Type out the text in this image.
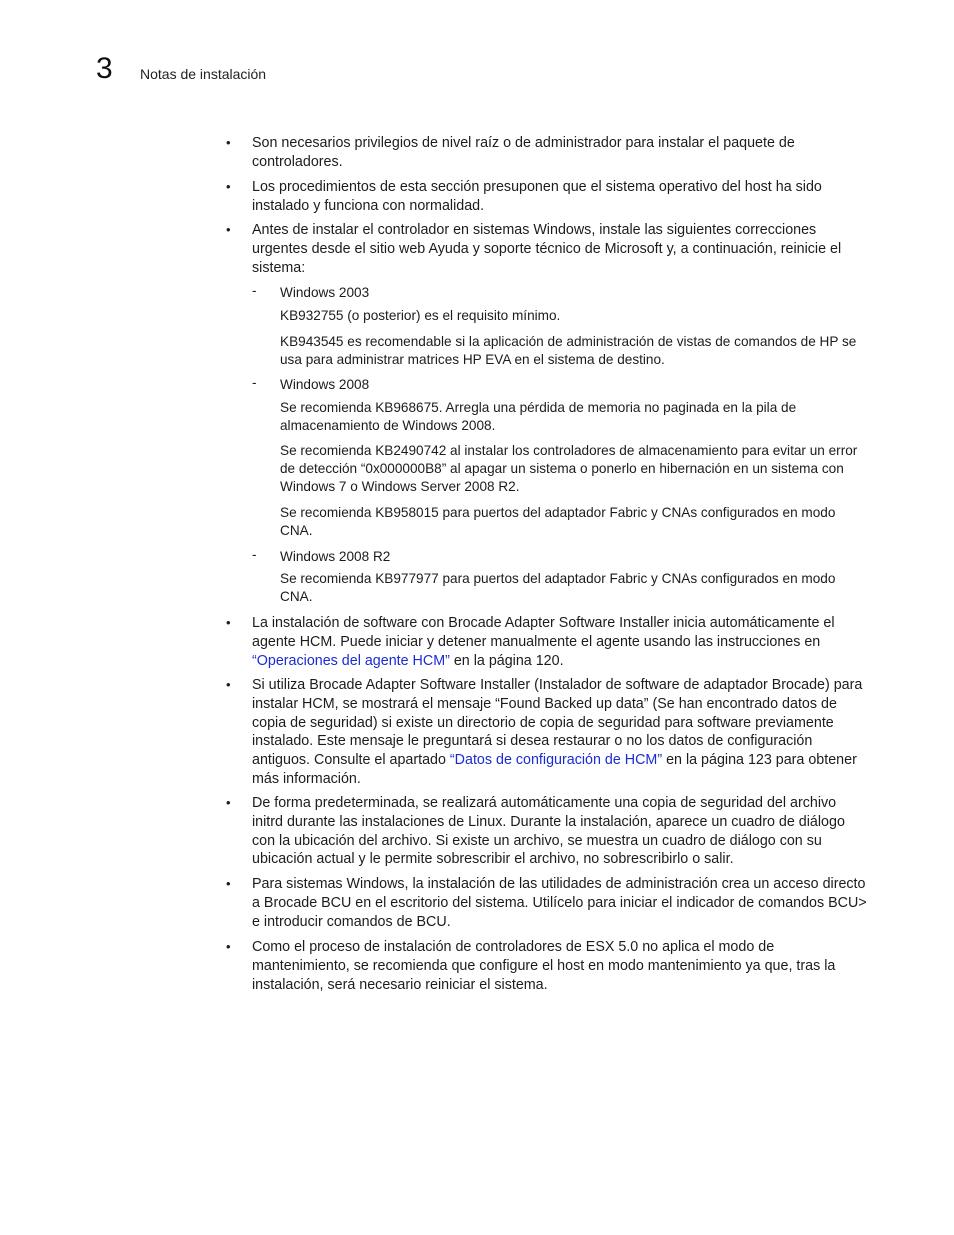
3 Notas de instalación
• Son necesarios privilegios de nivel raíz o de administrador para instalar el paquete de controladores.
• Los procedimientos de esta sección presuponen que el sistema operativo del host ha sido instalado y funciona con normalidad.
• Antes de instalar el controlador en sistemas Windows, instale las siguientes correcciones urgentes desde el sitio web Ayuda y soporte técnico de Microsoft y, a continuación, reinicie el sistema:
- Windows 2003
KB932755 (o posterior) es el requisito mínimo.
KB943545 es recomendable si la aplicación de administración de vistas de comandos de HP se usa para administrar matrices HP EVA en el sistema de destino.
- Windows 2008
Se recomienda KB968675. Arregla una pérdida de memoria no paginada en la pila de almacenamiento de Windows 2008.
Se recomienda KB2490742 al instalar los controladores de almacenamiento para evitar un error de detección “0x000000B8” al apagar un sistema o ponerlo en hibernación en un sistema con Windows 7 o Windows Server 2008 R2.
Se recomienda KB958015 para puertos del adaptador Fabric y CNAs configurados en modo CNA.
- Windows 2008 R2
Se recomienda KB977977 para puertos del adaptador Fabric y CNAs configurados en modo CNA.
• La instalación de software con Brocade Adapter Software Installer inicia automáticamente el agente HCM. Puede iniciar y detener manualmente el agente usando las instrucciones en “Operaciones del agente HCM” en la página 120.
• Si utiliza Brocade Adapter Software Installer (Instalador de software de adaptador Brocade) para instalar HCM, se mostrará el mensaje “Found Backed up data” (Se han encontrado datos de copia de seguridad) si existe un directorio de copia de seguridad para software previamente instalado. Este mensaje le preguntará si desea restaurar o no los datos de configuración antiguos. Consulte el apartado “Datos de configuración de HCM” en la página 123 para obtener más información.
• De forma predeterminada, se realizará automáticamente una copia de seguridad del archivo initrd durante las instalaciones de Linux. Durante la instalación, aparece un cuadro de diálogo con la ubicación del archivo. Si existe un archivo, se muestra un cuadro de diálogo con su ubicación actual y le permite sobrescribir el archivo, no sobrescribirlo o salir.
• Para sistemas Windows, la instalación de las utilidades de administración crea un acceso directo a Brocade BCU en el escritorio del sistema. Utilícelo para iniciar el indicador de comandos BCU> e introducir comandos de BCU.
• Como el proceso de instalación de controladores de ESX 5.0 no aplica el modo de mantenimiento, se recomienda que configure el host en modo mantenimiento ya que, tras la instalación, será necesario reiniciar el sistema.
